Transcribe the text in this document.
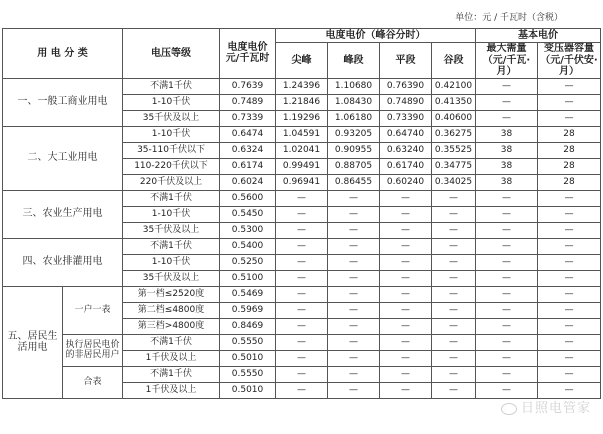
单位：元 / 千瓦时（含税）
用 电 分 类		电压等级	电度电价元/千瓦时	电度电价（峰谷分时）				基本电价	
				尖峰	峰段	平段	谷段	最大需量（元/千瓦·月）	变压器容量（元/千伏安·月）
一、一般工商业用电		不满1千伏	0.7639	1.24396	1.10680	0.76390	0.42100	—	—
		1-10千伏	0.7489	1.21846	1.08430	0.74890	0.41350	—	—
		35千伏及以上	0.7339	1.19296	1.06180	0.73390	0.40600	—	—
二、大工业用电		1-10千伏	0.6474	1.04591	0.93205	0.64740	0.36275	38	28
		35-110千伏以下	0.6324	1.02041	0.90955	0.63240	0.35525	38	28
		110-220千伏以下	0.6174	0.99491	0.88705	0.61740	0.34775	38	28
		220千伏及以上	0.6024	0.96941	0.86455	0.60240	0.34025	38	28
三、农业生产用电		不满1千伏	0.5600	—	—	—	—	—	—
		1-10千伏	0.5450	—	—	—	—	—	—
		35千伏及以上	0.5300	—	—	—	—	—	—
四、农业排灌用电		不满1千伏	0.5400	—	—	—	—	—	—
		1-10千伏	0.5250	—	—	—	—	—	—
		35千伏及以上	0.5100	—	—	—	—	—	—
五、居民生活用电	一户一表	第一档≤2520度	0.5469	—	—	—	—	—	—
		第二档≤4800度	0.5969	—	—	—	—	—	—
		第三档>4800度	0.8469	—	—	—	—	—	—
	执行居民电价的非居民用户	不满1千伏	0.5550	—	—	—	—	—	—
		1千伏及以上	0.5010	—	—	—	—	—	—
	合表	不满1千伏	0.5550	—	—	—	—	—	—
		1千伏及以上	0.5010	—	—	—	—	—	—
日照电管家
